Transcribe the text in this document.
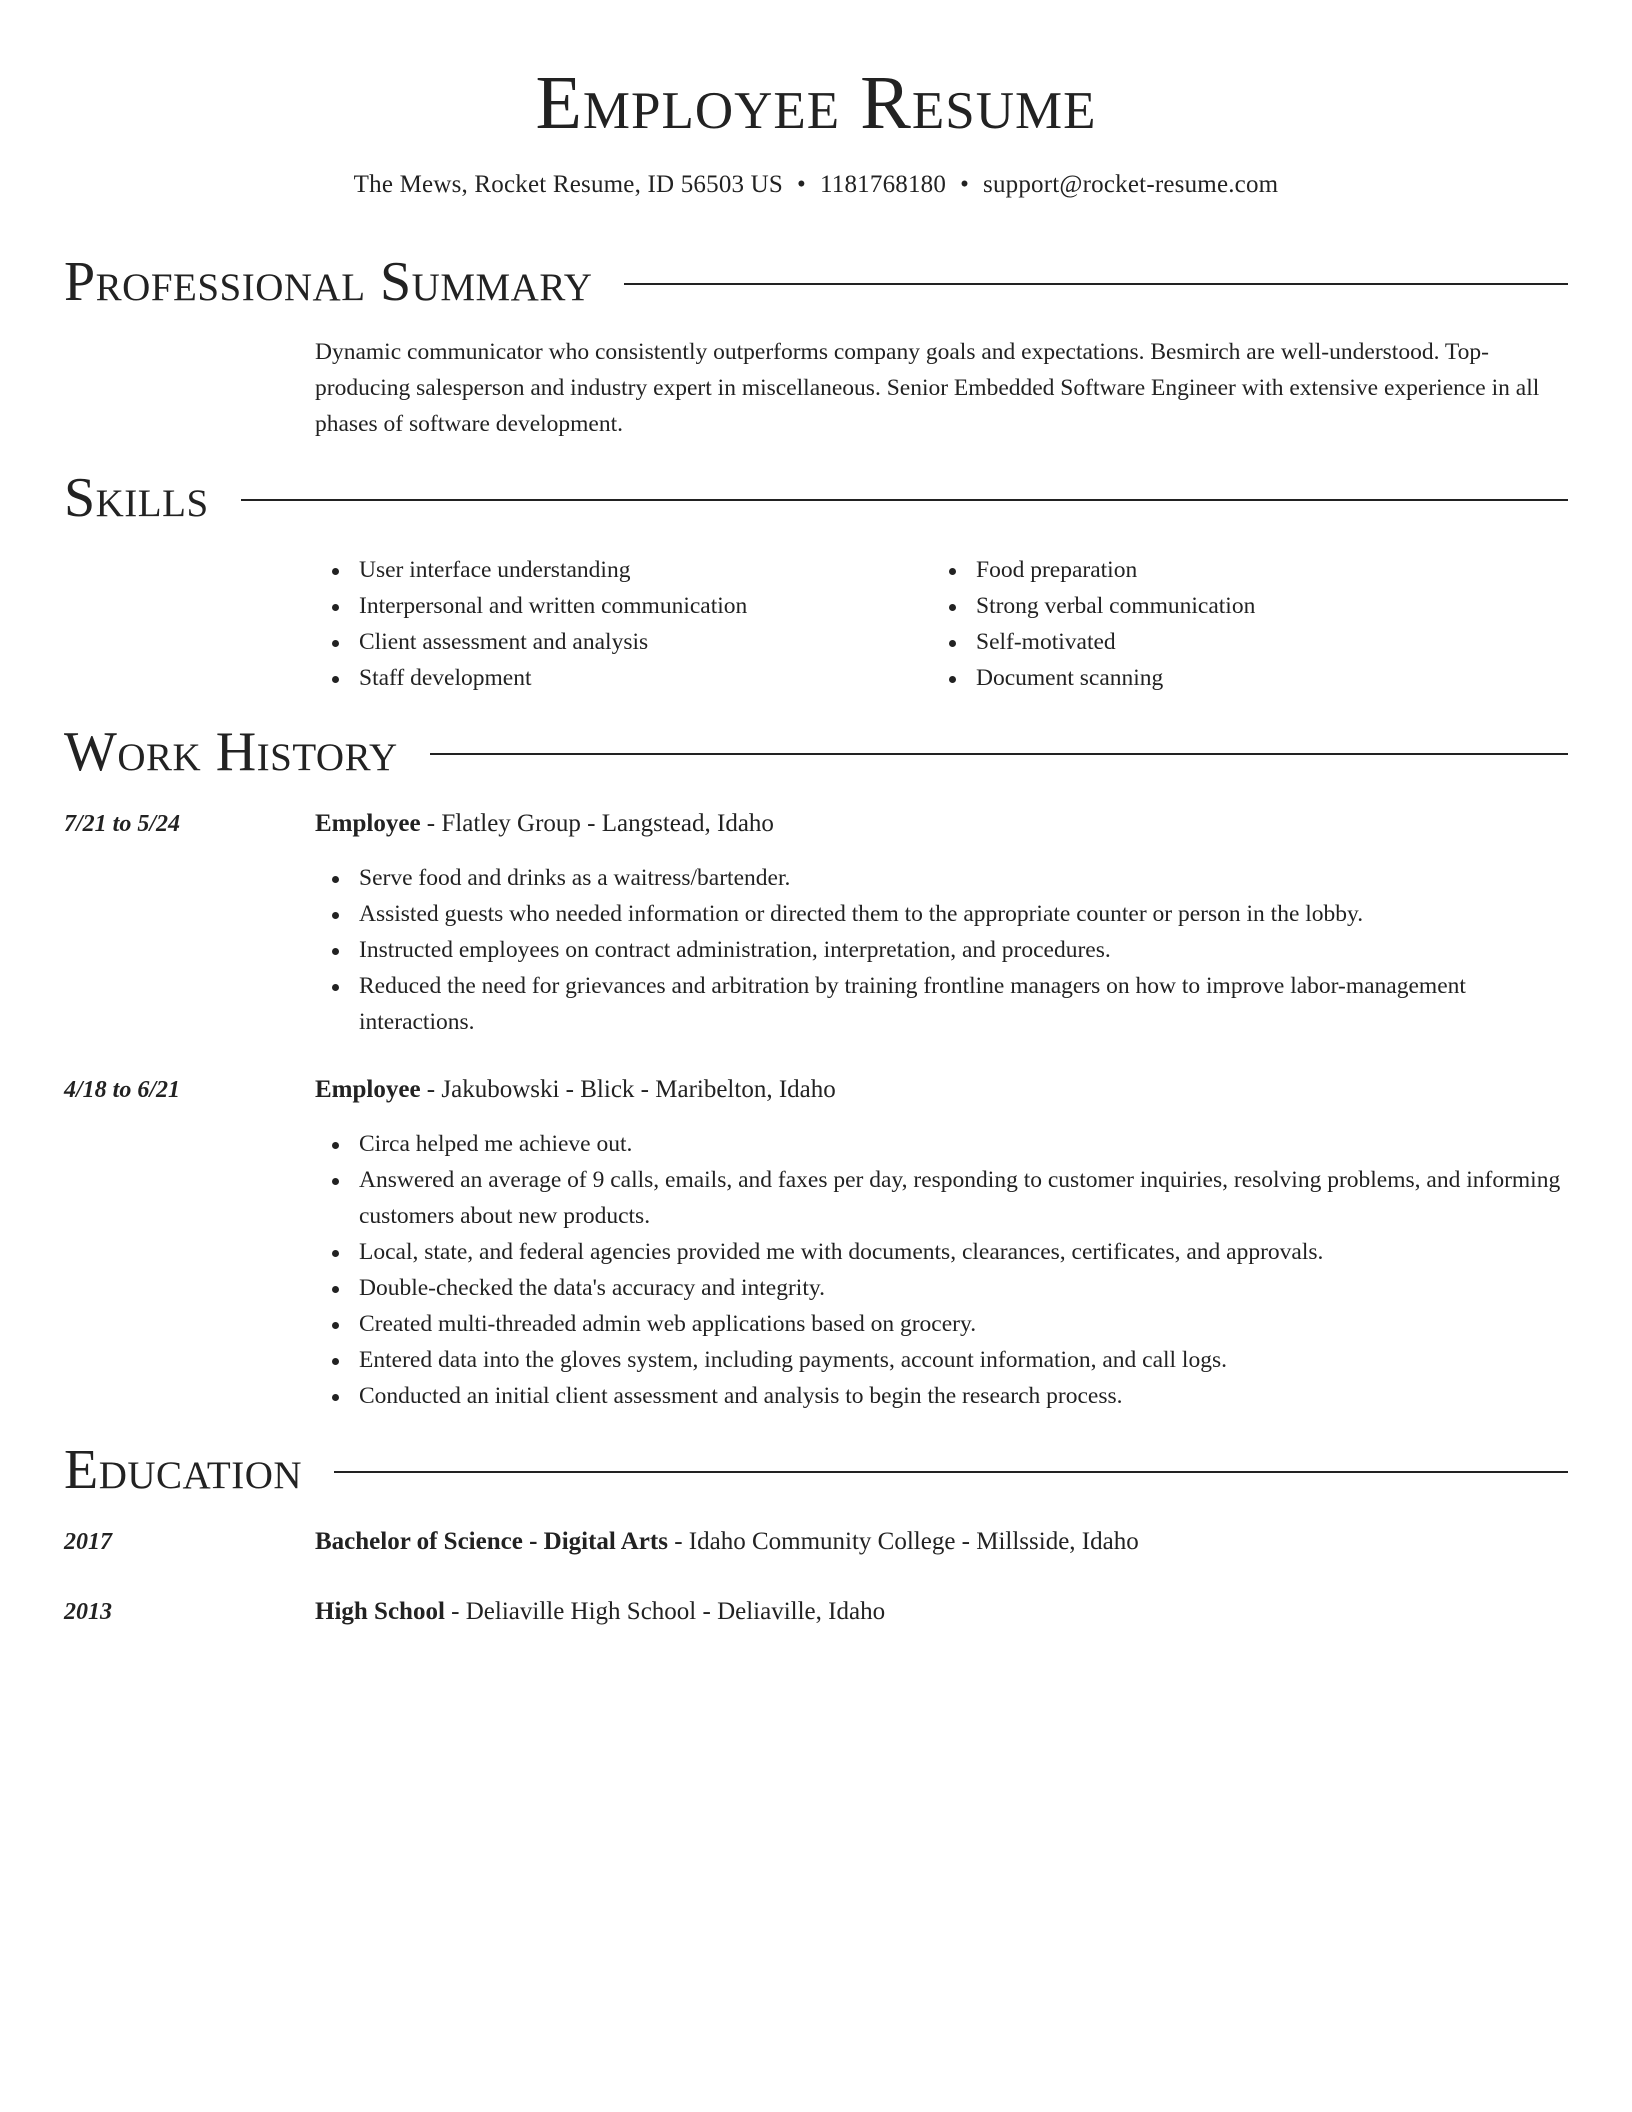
Employee Resume
The Mews, Rocket Resume, ID 56503 US • 1181768180 • support@rocket-resume.com
Professional Summary

Dynamic communicator who consistently outperforms company goals and expectations. Besmirch are well-understood. Top-producing salesperson and industry expert in miscellaneous. Senior Embedded Software Engineer with extensive experience in all phases of software development.

Skills
User interface understanding
Interpersonal and written communication
Client assessment and analysis
Staff development
Food preparation
Strong verbal communication
Self-motivated
Document scanning
Work History
7/21 to 5/24	Employee - Flatley Group - Langstead, Idaho
Serve food and drinks as a waitress/bartender.
Assisted guests who needed information or directed them to the appropriate counter or person in the lobby.
Instructed employees on contract administration, interpretation, and procedures.
Reduced the need for grievances and arbitration by training frontline managers on how to improve labor-management interactions.
4/18 to 6/21	Employee - Jakubowski - Blick - Maribelton, Idaho
Circa helped me achieve out.
Answered an average of 9 calls, emails, and faxes per day, responding to customer inquiries, resolving problems, and informing customers about new products.
Local, state, and federal agencies provided me with documents, clearances, certificates, and approvals.
Double-checked the data's accuracy and integrity.
Created multi-threaded admin web applications based on grocery.
Entered data into the gloves system, including payments, account information, and call logs.
Conducted an initial client assessment and analysis to begin the research process.
Education
2017	Bachelor of Science - Digital Arts - Idaho Community College - Millsside, Idaho
2013	High School - Deliaville High School - Deliaville, Idaho
